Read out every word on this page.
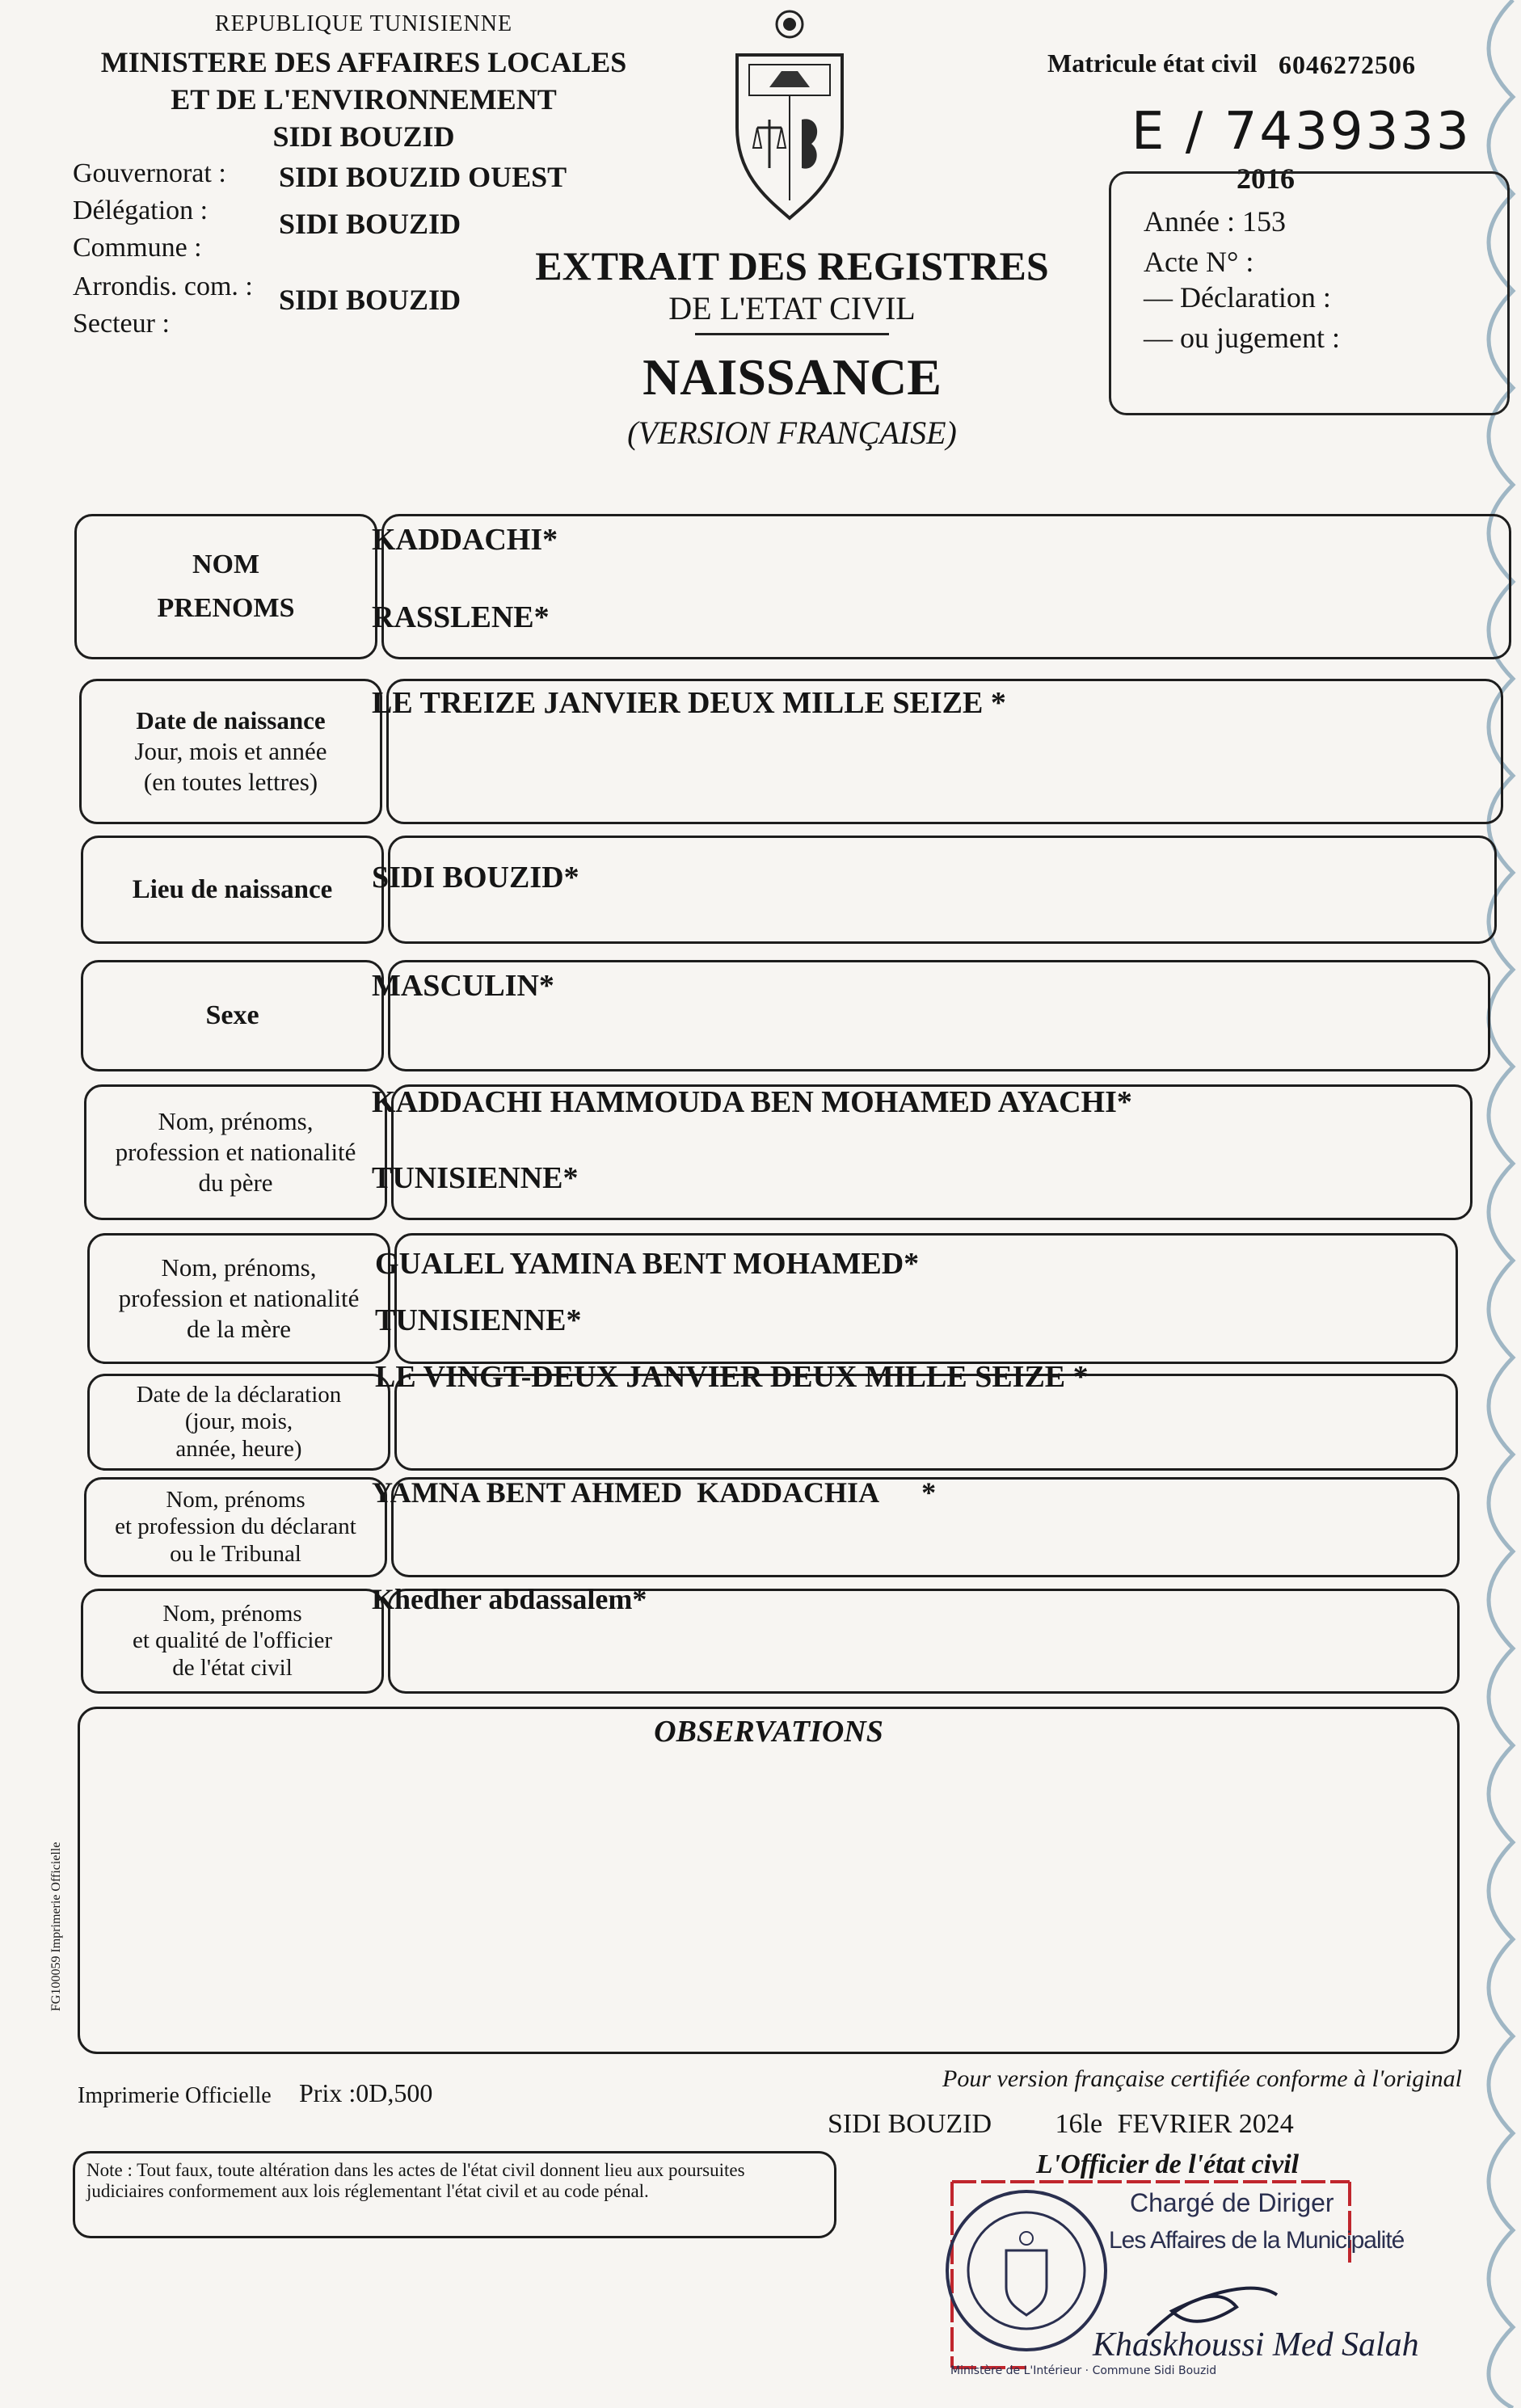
REPUBLIQUE TUNISIENNE
MINISTERE DES AFFAIRES LOCALES
ET DE L'ENVIRONNEMENT
SIDI BOUZID
Gouvernorat : SIDI BOUZID OUEST
Délégation : SIDI BOUZID
Commune :
Arrondis. com. : SIDI BOUZID
Secteur :
EXTRAIT DES REGISTRES
DE L'ETAT CIVIL
NAISSANCE
(VERSION FRANÇAISE)
Matricule état civil 6046272506
E / 7439333
2016
Année : 153
Acte N° :
— Déclaration :
— ou jugement :
NOM
PRENOMS
KADDACHI*
RASSLENE*
Date de naissance
Jour, mois et année
(en toutes lettres)
LE TREIZE JANVIER DEUX MILLE SEIZE *
Lieu de naissance	SIDI BOUZID*
Sexe
MASCULIN*
Nom, prénoms,
profession et nationalité
du père
KADDACHI HAMMOUDA BEN MOHAMED AYACHI*
TUNISIENNE*
Nom, prénoms,
profession et nationalité
de la mère
GUALEL YAMINA BENT MOHAMED*
TUNISIENNE*
Date de la déclaration
(jour, mois,
année, heure)
LE VINGT-DEUX JANVIER DEUX MILLE SEIZE *
Nom, prénoms
et profession du déclarant
ou le Tribunal
YAMNA BENT AHMED  KADDACHIA      *
Nom, prénoms
et qualité de l'officier
de l'état civil
Khedher abdassalem*
OBSERVATIONS
FG100059 Imprimerie Officielle
Imprimerie Officielle Prix :0D,500	Pour version française certifiée conforme à l'original
SIDI BOUZID 16le FEVRIER 2024
L'Officier de l'état civil
Note : Tout faux, toute altération dans les actes de l'état civil donnent lieu aux poursuites judiciaires conformement aux lois réglementant l'état civil et au code pénal.
Ministère de L'Intérieur · Commune Sidi Bouzid
Chargé de Diriger
Les Affaires de la Municipalité
Khaskhoussi Med Salah
